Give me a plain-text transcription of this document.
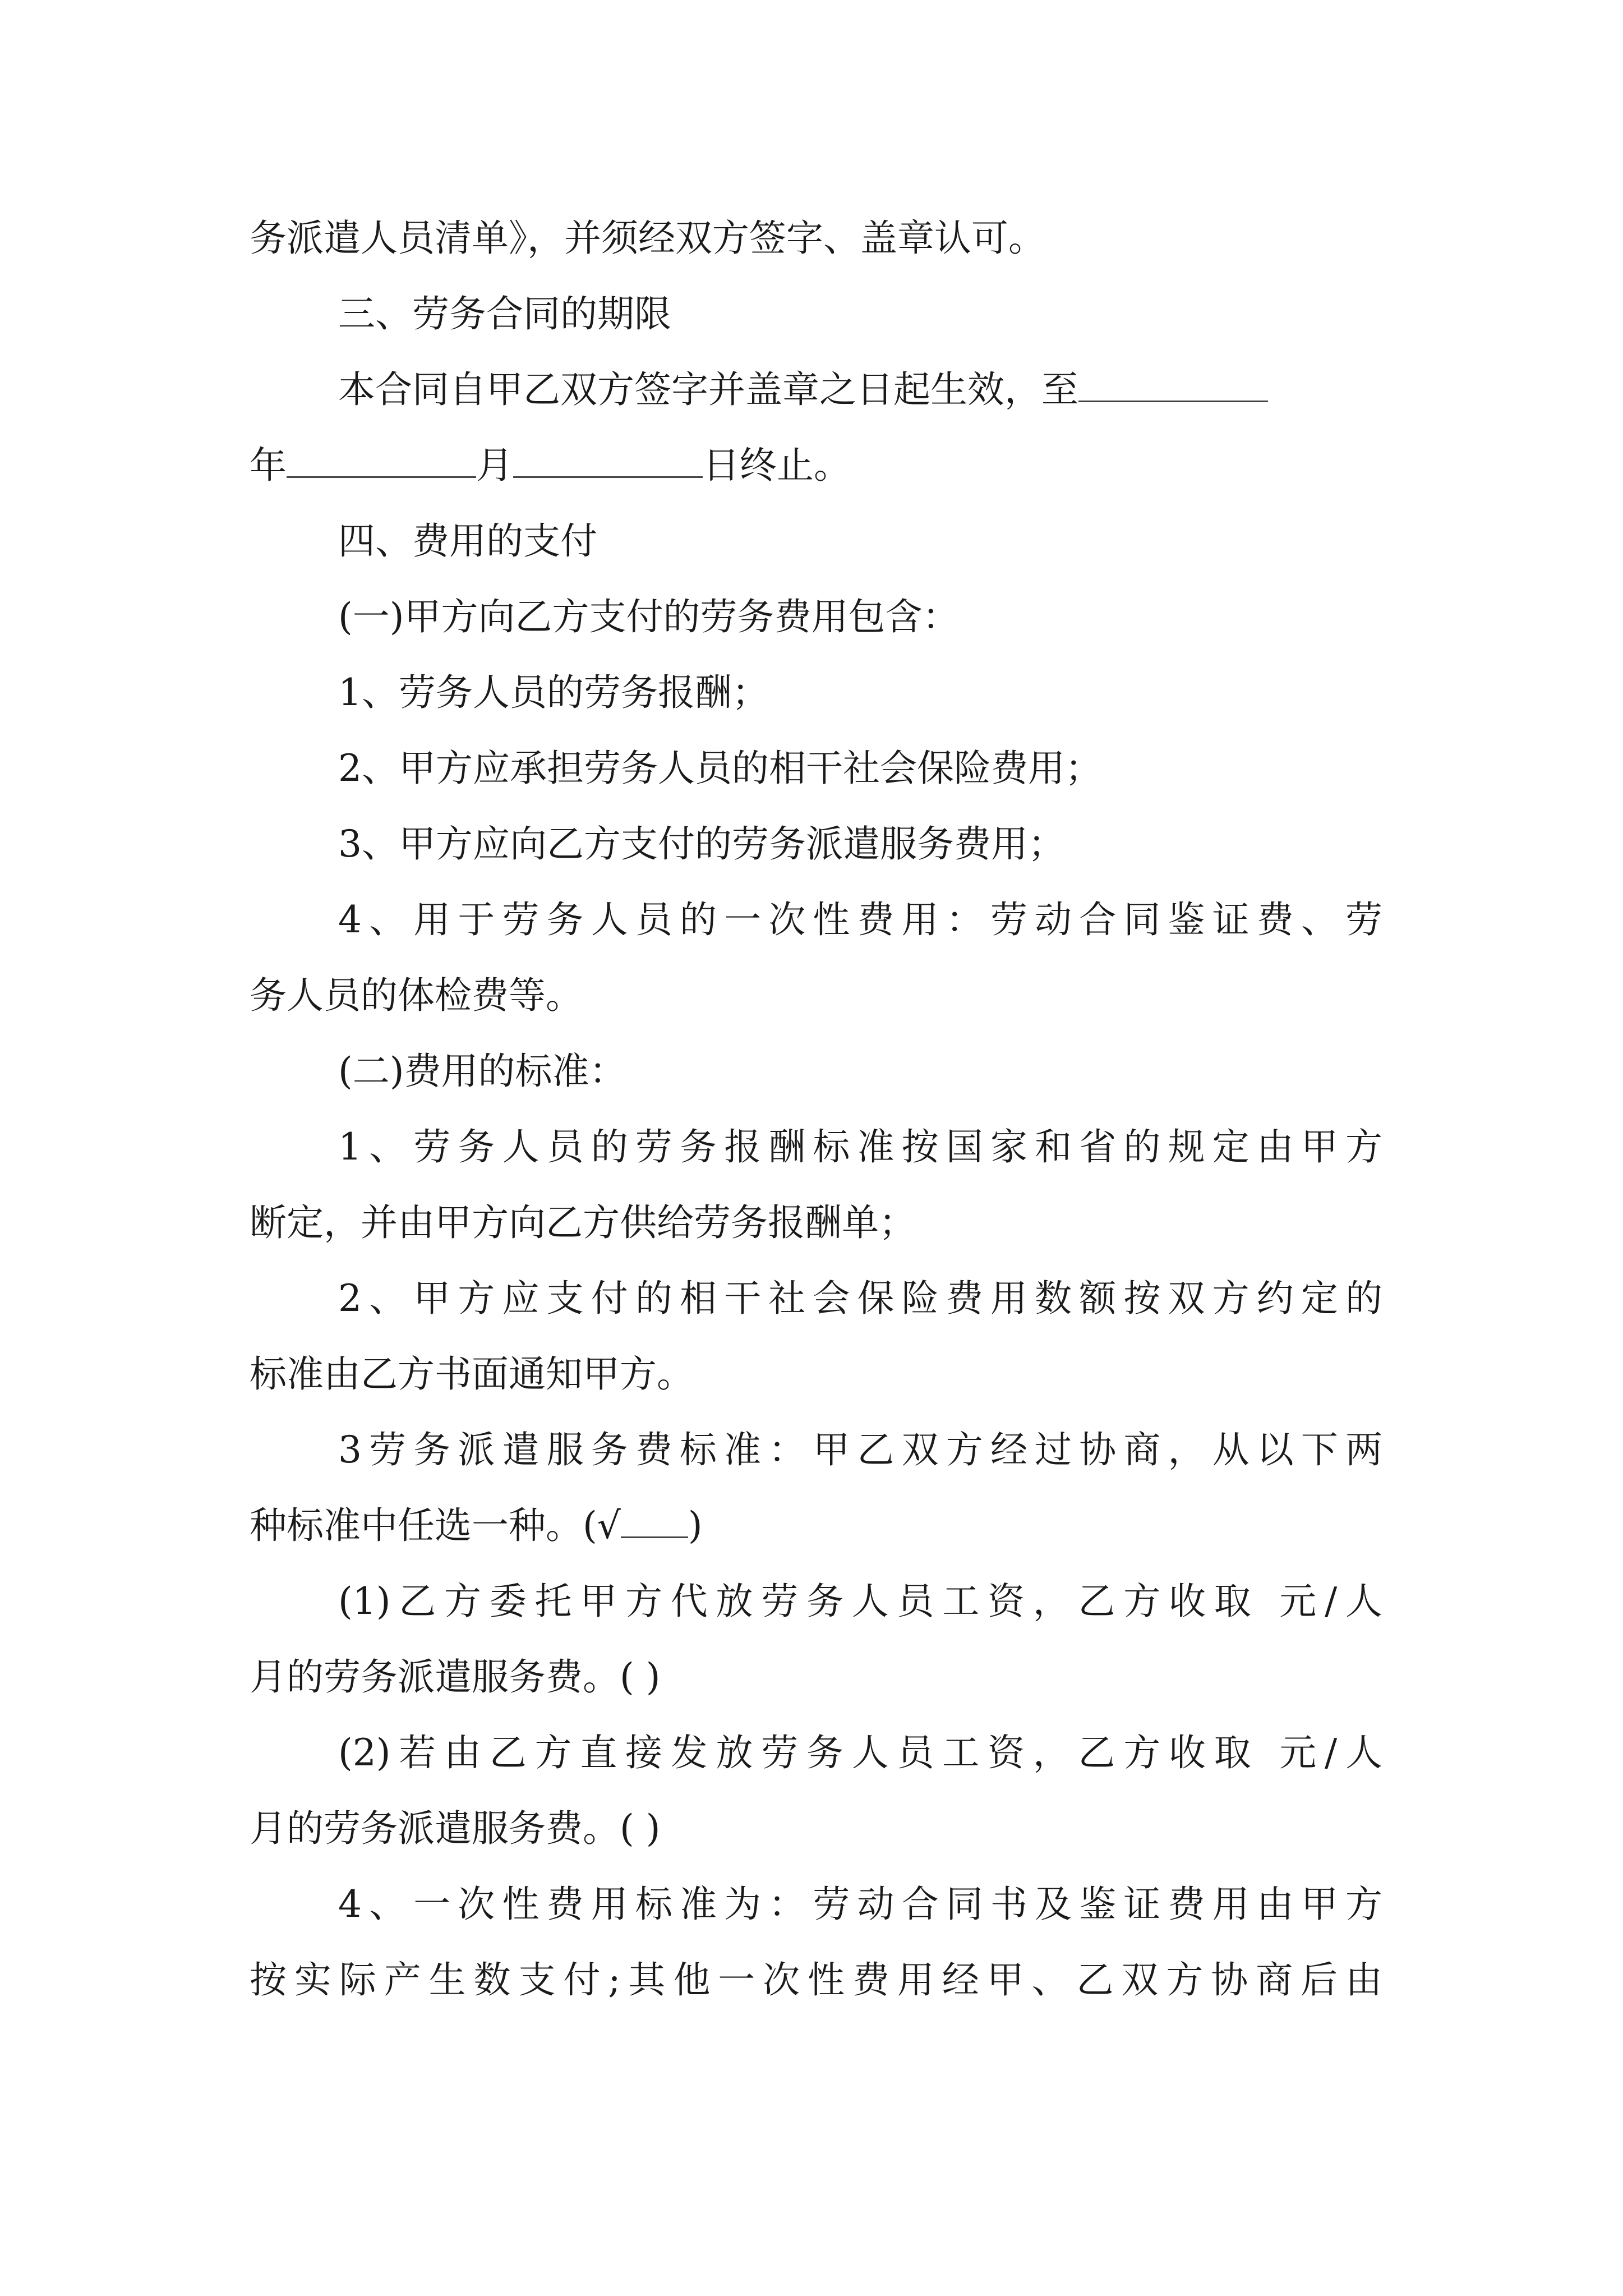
务派遣人员清单》，并须经双方签字、盖章认可。
三、劳务合同的期限
本合同自甲乙双方签字并盖章之日起生效，至
年	月	日终止。
四、费用的支付
(一)甲方向乙方支付的劳务费用包含：
1、劳务人员的劳务报酬；
2、甲方应承担劳务人员的相干社会保险费用；
3、甲方应向乙方支付的劳务派遣服务费用；
4、用于劳务人员的一次性费用：劳动合同鉴证费、劳
务人员的体检费等。
(二)费用的标准：
1、劳务人员的劳务报酬标准按国家和省的规定由甲方
断定，并由甲方向乙方供给劳务报酬单；
2、甲方应支付的相干社会保险费用数额按双方约定的
标准由乙方书面通知甲方。
3劳务派遣服务费标准：甲乙双方经过协商，从以下两
种标准中任选一种。(√ )
(1)乙方委托甲方代放劳务人员工资，乙方收取 元/人
月的劳务派遣服务费。( )
(2)若由乙方直接发放劳务人员工资，乙方收取 元/人
月的劳务派遣服务费。( )
4、一次性费用标准为：劳动合同书及鉴证费用由甲方
按实际产生数支付;其他一次性费用经甲、乙双方协商后由
